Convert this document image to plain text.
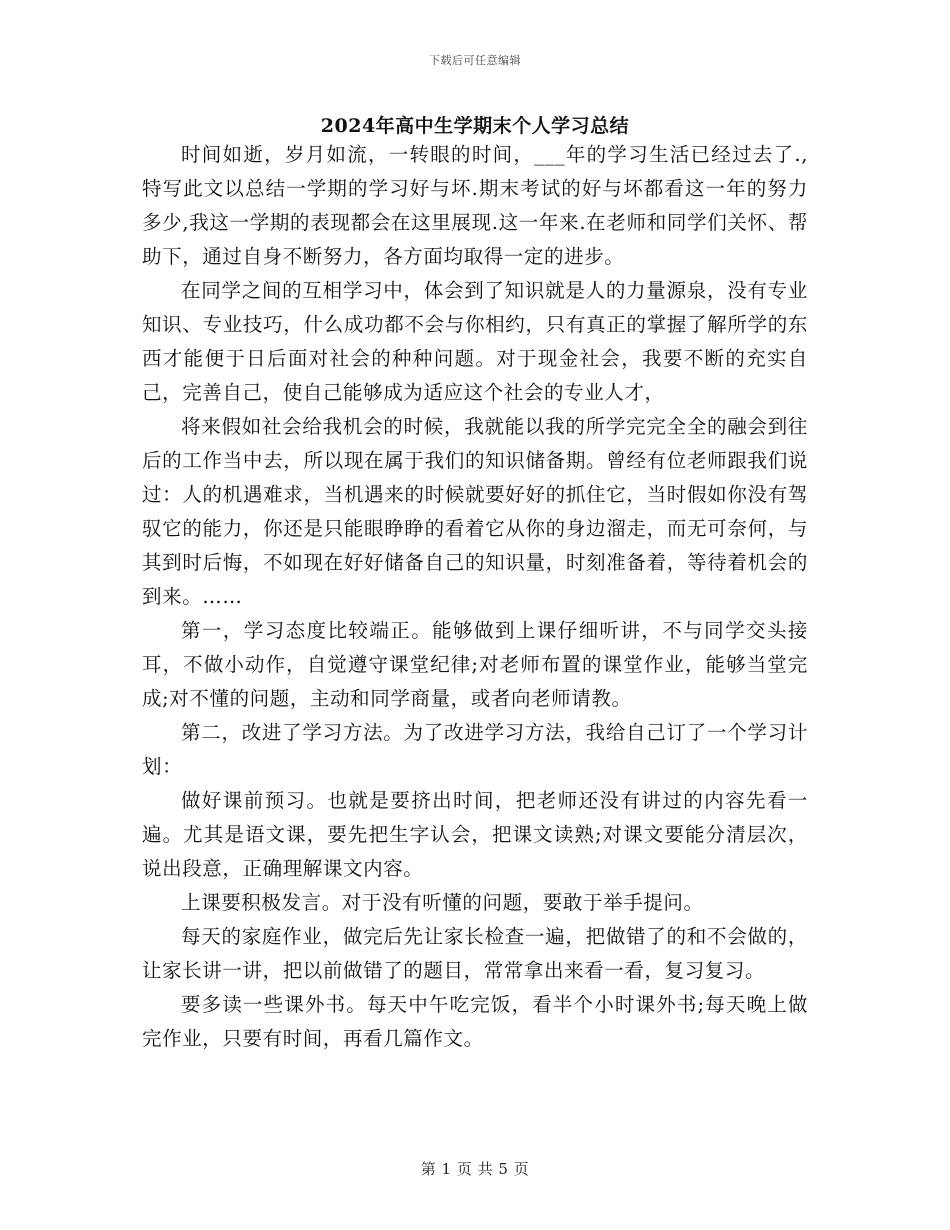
下载后可任意编辑
2024年高中生学期末个人学习总结

时间如逝，岁月如流，一转眼的时间，___年的学习生活已经过去了.,特写此文以总结一学期的学习好与坏.期末考试的好与坏都看这一年的努力多少,我这一学期的表现都会在这里展现.这一年来.在老师和同学们关怀、帮助下，通过自身不断努力，各方面均取得一定的进步。

在同学之间的互相学习中，体会到了知识就是人的力量源泉，没有专业知识、专业技巧，什么成功都不会与你相约，只有真正的掌握了解所学的东西才能便于日后面对社会的种种问题。对于现金社会，我要不断的充实自己，完善自己，使自己能够成为适应这个社会的专业人才，

将来假如社会给我机会的时候，我就能以我的所学完完全全的融会到往后的工作当中去，所以现在属于我们的知识储备期。曾经有位老师跟我们说过：人的机遇难求，当机遇来的时候就要好好的抓住它，当时假如你没有驾驭它的能力，你还是只能眼睁睁的看着它从你的身边溜走，而无可奈何，与其到时后悔，不如现在好好储备自己的知识量，时刻准备着，等待着机会的到来。……

第一，学习态度比较端正。能够做到上课仔细听讲，不与同学交头接耳，不做小动作，自觉遵守课堂纪律;对老师布置的课堂作业，能够当堂完成;对不懂的问题，主动和同学商量，或者向老师请教。

第二，改进了学习方法。为了改进学习方法，我给自己订了一个学习计划：

做好课前预习。也就是要挤出时间，把老师还没有讲过的内容先看一遍。尤其是语文课，要先把生字认会，把课文读熟;对课文要能分清层次，说出段意，正确理解课文内容。

上课要积极发言。对于没有听懂的问题，要敢于举手提问。

每天的家庭作业，做完后先让家长检查一遍，把做错了的和不会做的，让家长讲一讲，把以前做错了的题目，常常拿出来看一看，复习复习。

要多读一些课外书。每天中午吃完饭，看半个小时课外书;每天晚上做完作业，只要有时间，再看几篇作文。

第 1 页 共 5 页
